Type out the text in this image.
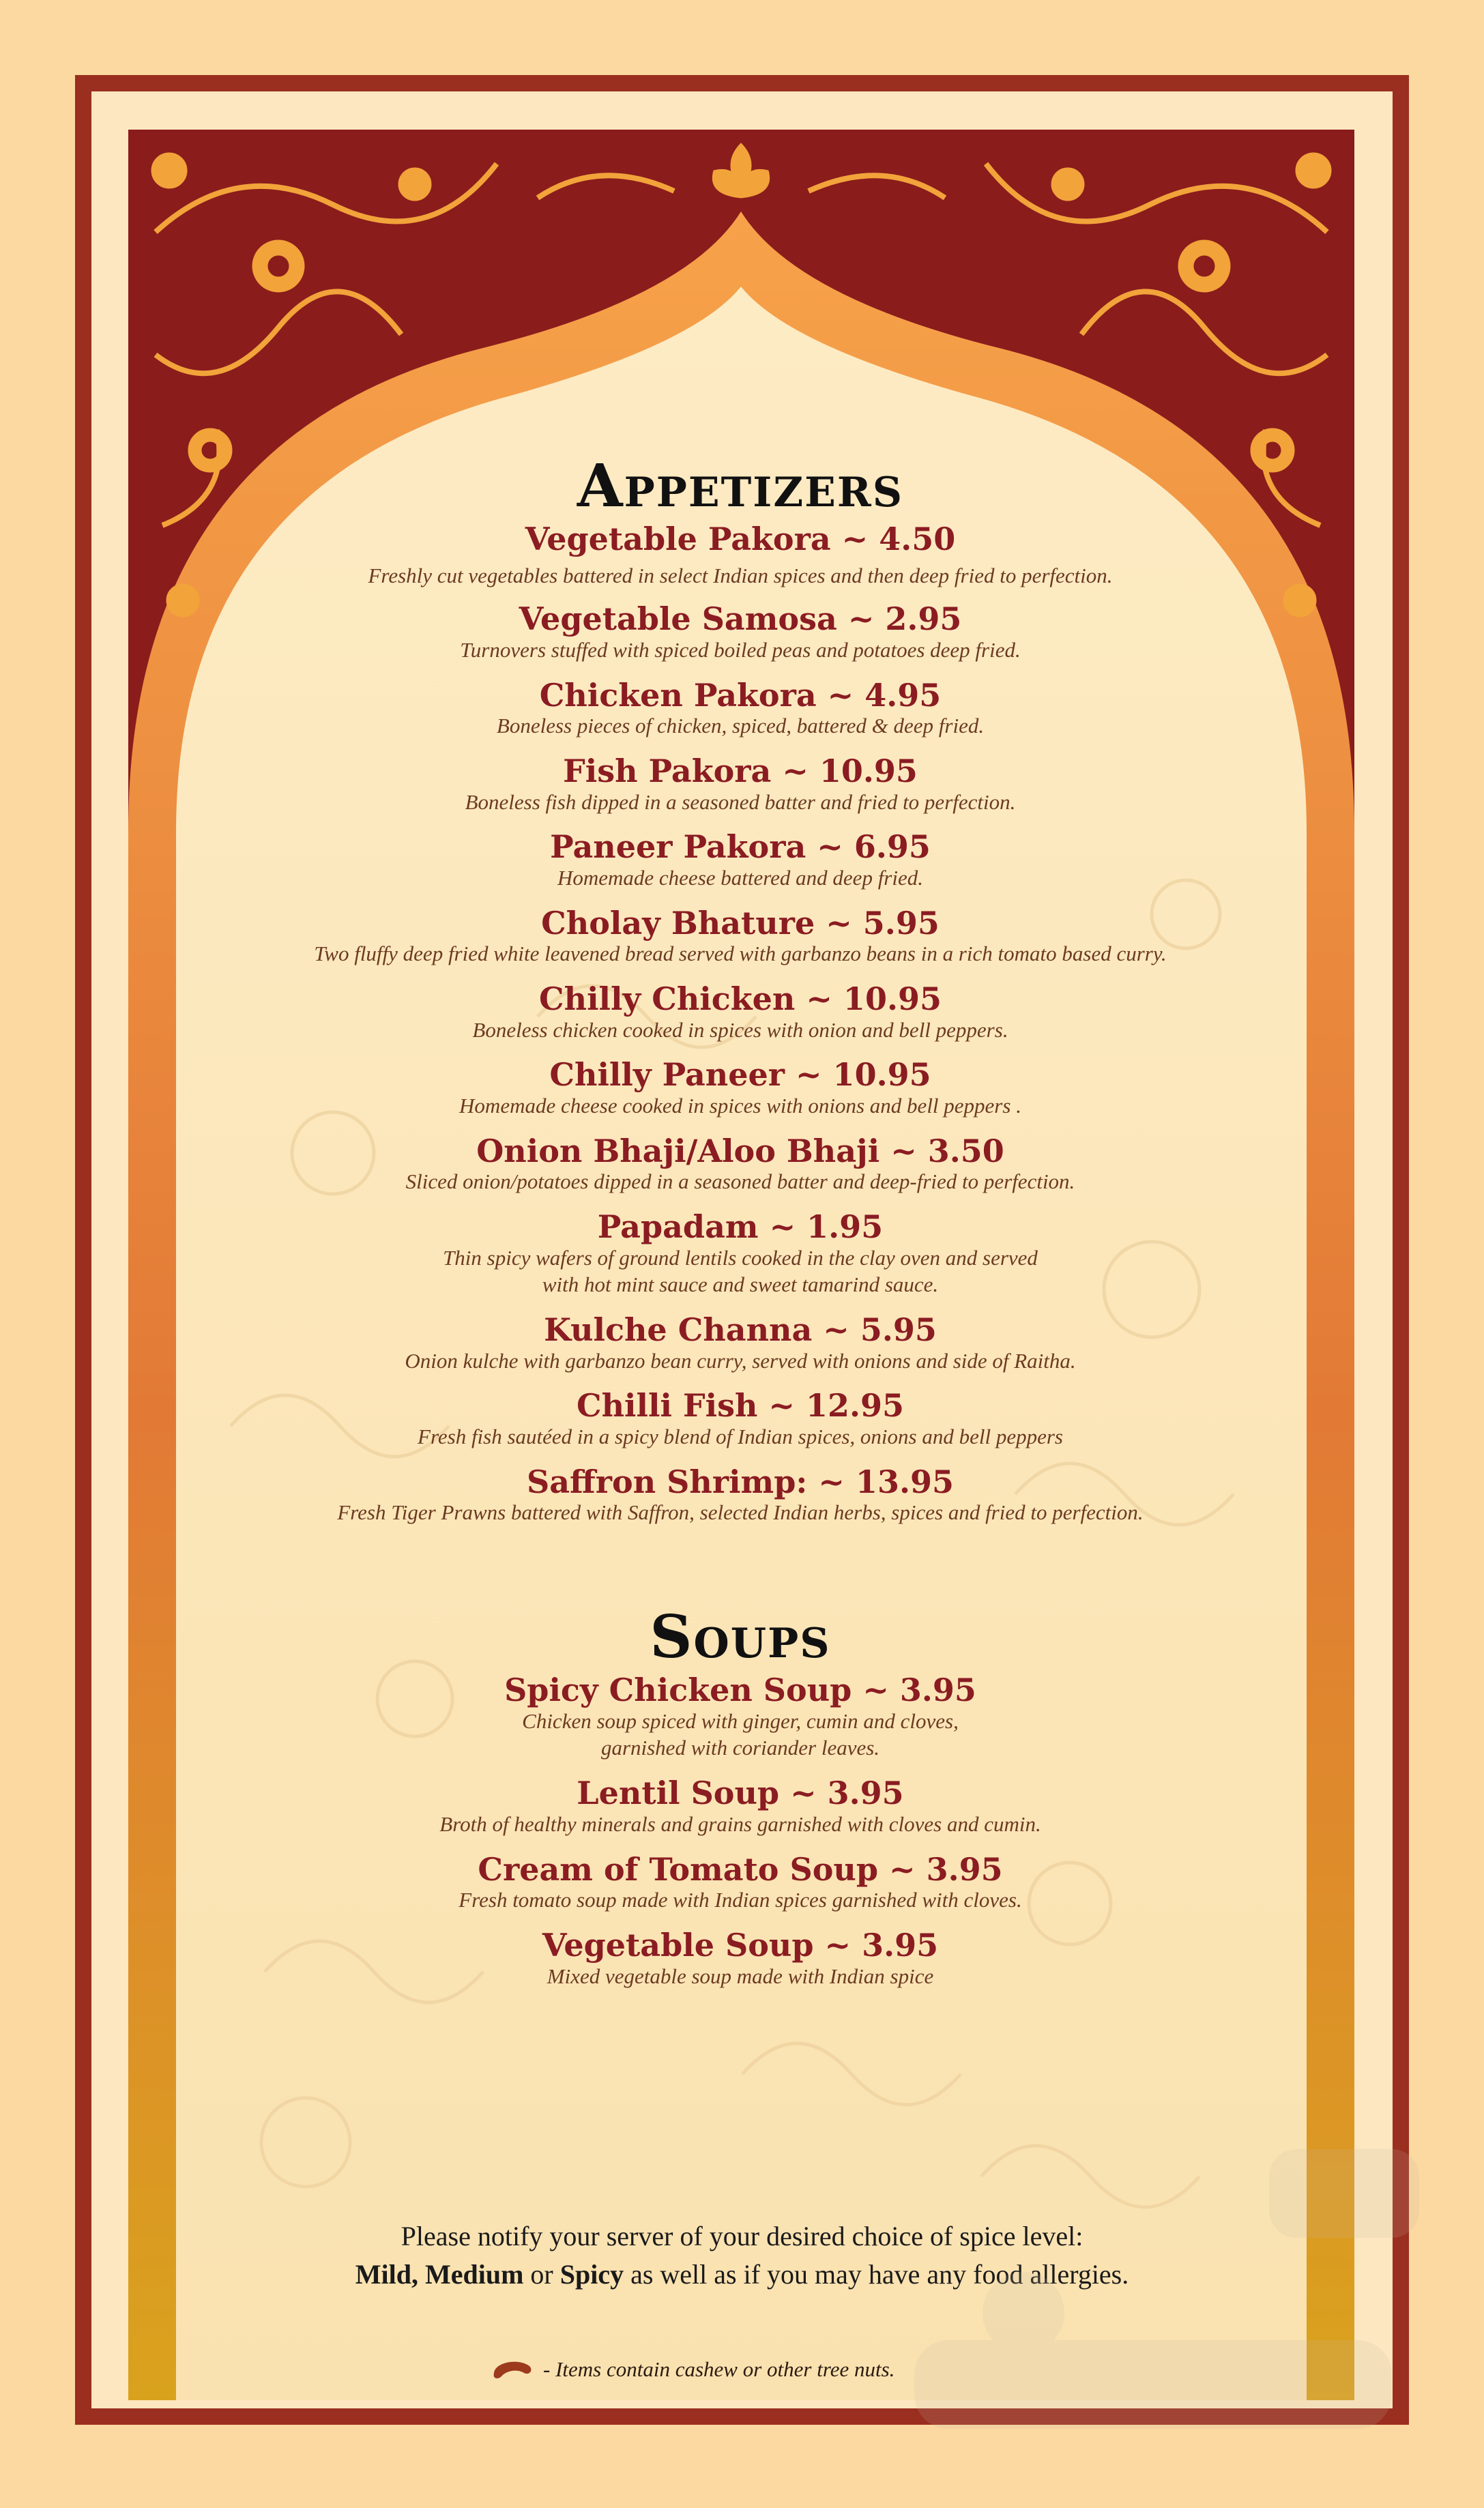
Appetizers
Vegetable Pakora ~ 4.50
Freshly cut vegetables battered in select Indian spices and then deep fried to perfection.
Vegetable Samosa ~ 2.95
Turnovers stuffed with spiced boiled peas and potatoes deep fried.
Chicken Pakora ~ 4.95
Boneless pieces of chicken, spiced, battered & deep fried.
Fish Pakora ~ 10.95
Boneless fish dipped in a seasoned batter and fried to perfection.
Paneer Pakora ~ 6.95
Homemade cheese battered and deep fried.
Cholay Bhature ~ 5.95
Two fluffy deep fried white leavened bread served with garbanzo beans in a rich tomato based curry.
Chilly Chicken ~ 10.95
Boneless chicken cooked in spices with onion and bell peppers.
Chilly Paneer ~ 10.95
Homemade cheese cooked in spices with onions and bell peppers .
Onion Bhaji/Aloo Bhaji ~ 3.50
Sliced onion/potatoes dipped in a seasoned batter and deep-fried to perfection.
Papadam ~ 1.95
Thin spicy wafers of ground lentils cooked in the clay oven and served
with hot mint sauce and sweet tamarind sauce.
Kulche Channa ~ 5.95
Onion kulche with garbanzo bean curry, served with onions and side of Raitha.
Chilli Fish ~ 12.95
Fresh fish sautéed in a spicy blend of Indian spices, onions and bell peppers
Saffron Shrimp: ~ 13.95
Fresh Tiger Prawns battered with Saffron, selected Indian herbs, spices and fried to perfection.
Soups
Spicy Chicken Soup ~ 3.95
Chicken soup spiced with ginger, cumin and cloves,
garnished with coriander leaves.
Lentil Soup ~ 3.95
Broth of healthy minerals and grains garnished with cloves and cumin.
Cream of Tomato Soup ~ 3.95
Fresh tomato soup made with Indian spices garnished with cloves.
Vegetable Soup ~ 3.95
Mixed vegetable soup made with Indian spice
Please notify your server of your desired choice of spice level:
Mild, Medium or Spicy as well as if you may have any food allergies.
- Items contain cashew or other tree nuts.
